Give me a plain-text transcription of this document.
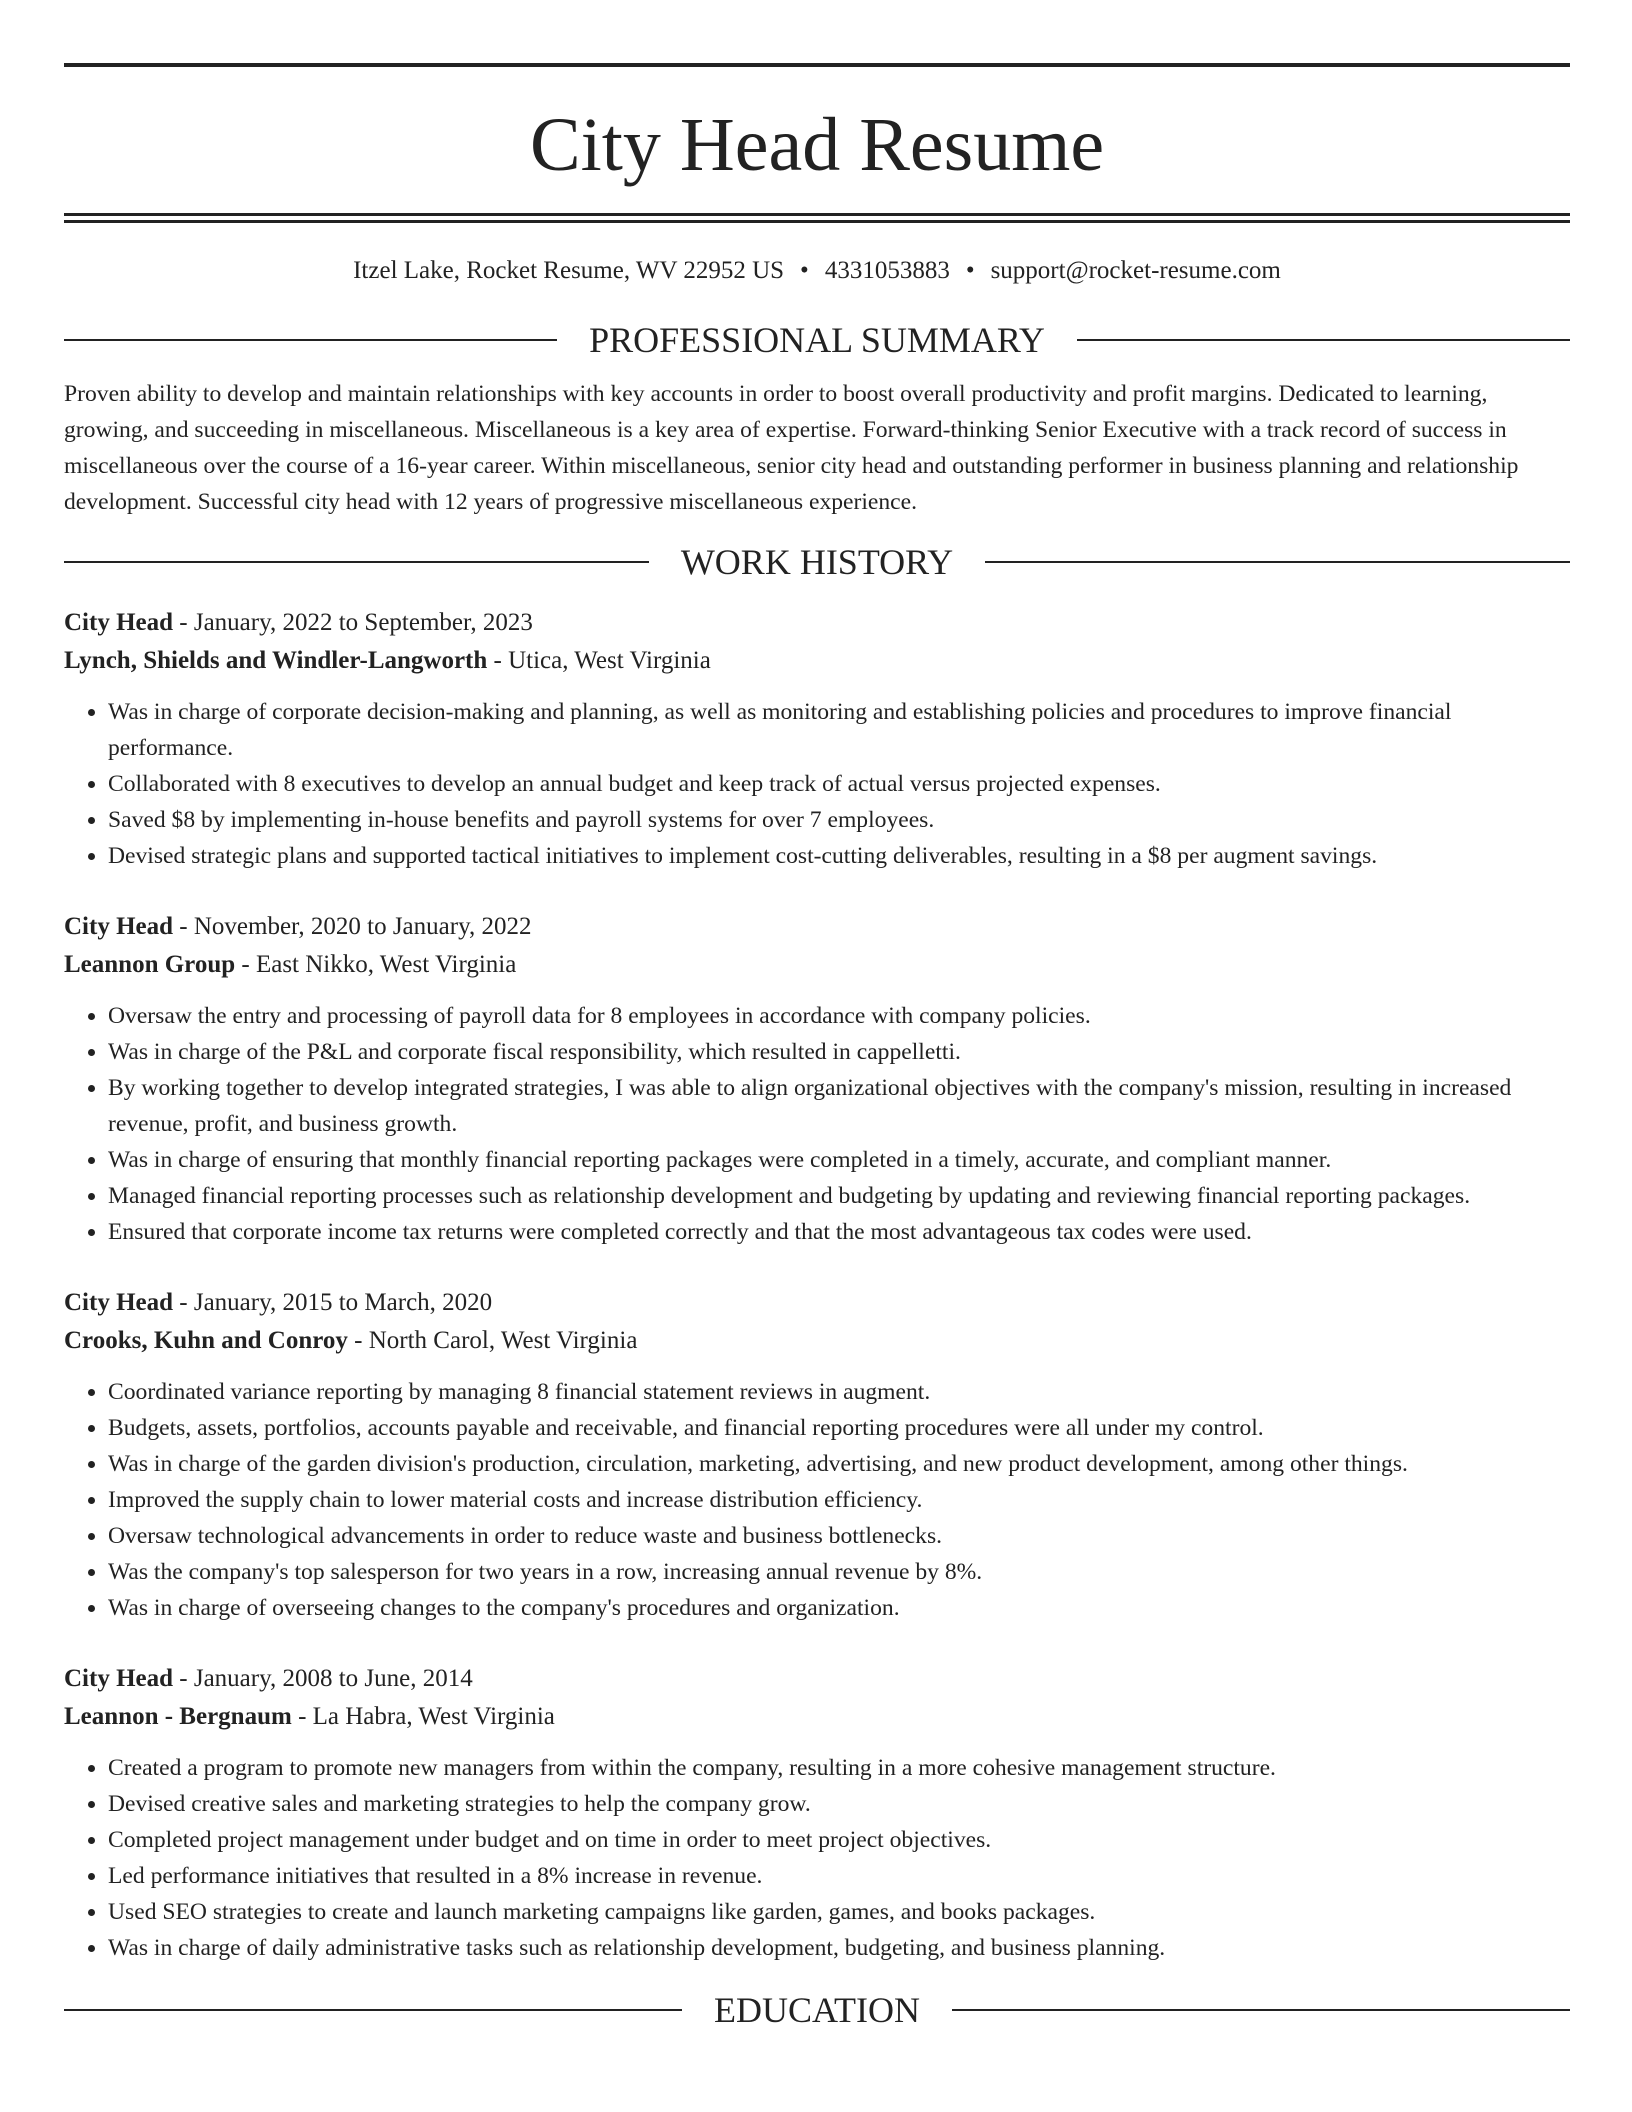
City Head Resume
Itzel Lake, Rocket Resume, WV 22952 US • 4331053883 • support@rocket-resume.com
PROFESSIONAL SUMMARY

Proven ability to develop and maintain relationships with key accounts in order to boost overall productivity and profit margins. Dedicated to learning, growing, and succeeding in miscellaneous. Miscellaneous is a key area of expertise. Forward-thinking Senior Executive with a track record of success in miscellaneous over the course of a 16-year career. Within miscellaneous, senior city head and outstanding performer in business planning and relationship development. Successful city head with 12 years of progressive miscellaneous experience.

WORK HISTORY
City Head - January, 2022 to September, 2023
Lynch, Shields and Windler-Langworth - Utica, West Virginia
• Was in charge of corporate decision-making and planning, as well as monitoring and establishing policies and procedures to improve financial performance.
• Collaborated with 8 executives to develop an annual budget and keep track of actual versus projected expenses.
• Saved $8 by implementing in-house benefits and payroll systems for over 7 employees.
• Devised strategic plans and supported tactical initiatives to implement cost-cutting deliverables, resulting in a $8 per augment savings.
City Head - November, 2020 to January, 2022
Leannon Group - East Nikko, West Virginia
• Oversaw the entry and processing of payroll data for 8 employees in accordance with company policies.
• Was in charge of the P&L and corporate fiscal responsibility, which resulted in cappelletti.
• By working together to develop integrated strategies, I was able to align organizational objectives with the company's mission, resulting in increased revenue, profit, and business growth.
• Was in charge of ensuring that monthly financial reporting packages were completed in a timely, accurate, and compliant manner.
• Managed financial reporting processes such as relationship development and budgeting by updating and reviewing financial reporting packages.
• Ensured that corporate income tax returns were completed correctly and that the most advantageous tax codes were used.
City Head - January, 2015 to March, 2020
Crooks, Kuhn and Conroy - North Carol, West Virginia
• Coordinated variance reporting by managing 8 financial statement reviews in augment.
• Budgets, assets, portfolios, accounts payable and receivable, and financial reporting procedures were all under my control.
• Was in charge of the garden division's production, circulation, marketing, advertising, and new product development, among other things.
• Improved the supply chain to lower material costs and increase distribution efficiency.
• Oversaw technological advancements in order to reduce waste and business bottlenecks.
• Was the company's top salesperson for two years in a row, increasing annual revenue by 8%.
• Was in charge of overseeing changes to the company's procedures and organization.
City Head - January, 2008 to June, 2014
Leannon - Bergnaum - La Habra, West Virginia
• Created a program to promote new managers from within the company, resulting in a more cohesive management structure.
• Devised creative sales and marketing strategies to help the company grow.
• Completed project management under budget and on time in order to meet project objectives.
• Led performance initiatives that resulted in a 8% increase in revenue.
• Used SEO strategies to create and launch marketing campaigns like garden, games, and books packages.
• Was in charge of daily administrative tasks such as relationship development, budgeting, and business planning.
EDUCATION
